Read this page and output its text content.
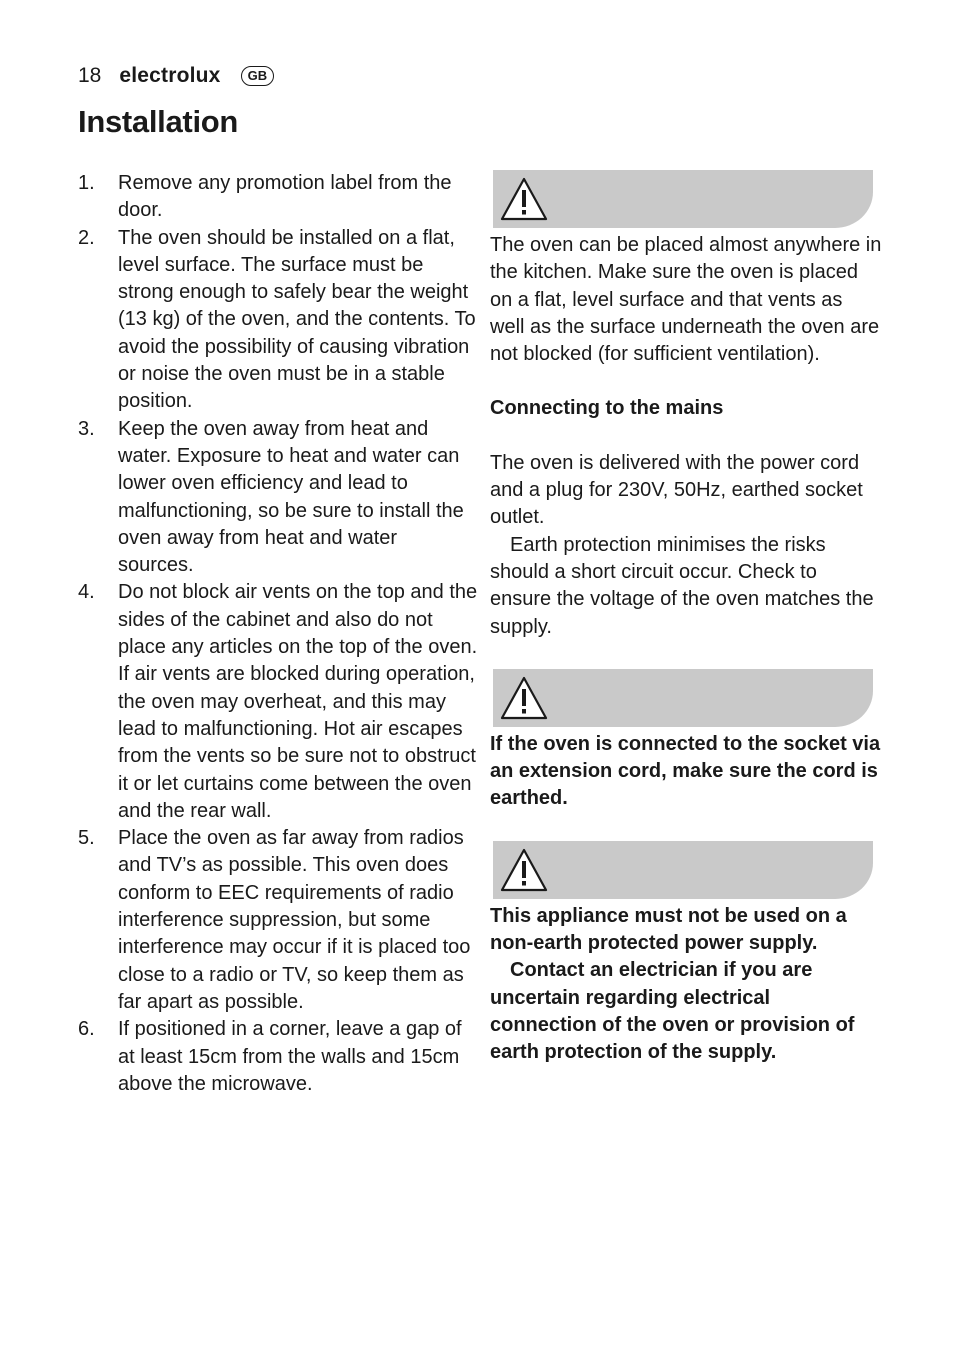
18 electrolux	GB
Installation
1.	Remove any promotion label from the door.
2.	The oven should be installed on a flat, level surface. The surface must be strong enough to safely bear the weight (13 kg) of the oven, and the contents. To avoid the possibility of causing vibration or noise the oven must be in a stable position.
3.	Keep the oven away from heat and water. Exposure to heat and water can lower oven efficiency and lead to malfunctioning, so be sure to install the oven away from heat and water sources.
4.	Do not block air vents on the top and the sides of the cabinet and also do not place any articles on the top of the oven. If air vents are blocked during operation, the oven may overheat, and this may lead to malfunctioning. Hot air escapes from the vents so be sure not to obstruct it or let curtains come between the oven and the rear wall.
5.	Place the oven as far away from radios and TV’s as possible. This oven does conform to EEC requirements of radio interference suppression, but some interference may occur if it is placed too close to a radio or TV, so keep them as far apart as possible.
6.	If positioned in a corner, leave a gap of at least 15cm from the walls and 15cm above the microwave.

The oven can be placed almost anywhere in the kitchen. Make sure the oven is placed on a flat, level surface and that vents as well as the surface underneath the oven are not blocked (for sufficient ventilation).

Connecting to the mains

The oven is delivered with the power cord and a plug for 230V, 50Hz, earthed socket outlet.

Earth protection minimises the risks should a short circuit occur. Check to ensure the voltage of the oven matches the supply.

If the oven is connected to the socket via an extension cord, make sure the cord is earthed.

This appliance must not be used on a non-earth protected power supply.

Contact an electrician if you are uncertain regarding electrical connection of the oven or provision of earth protection of the supply.
